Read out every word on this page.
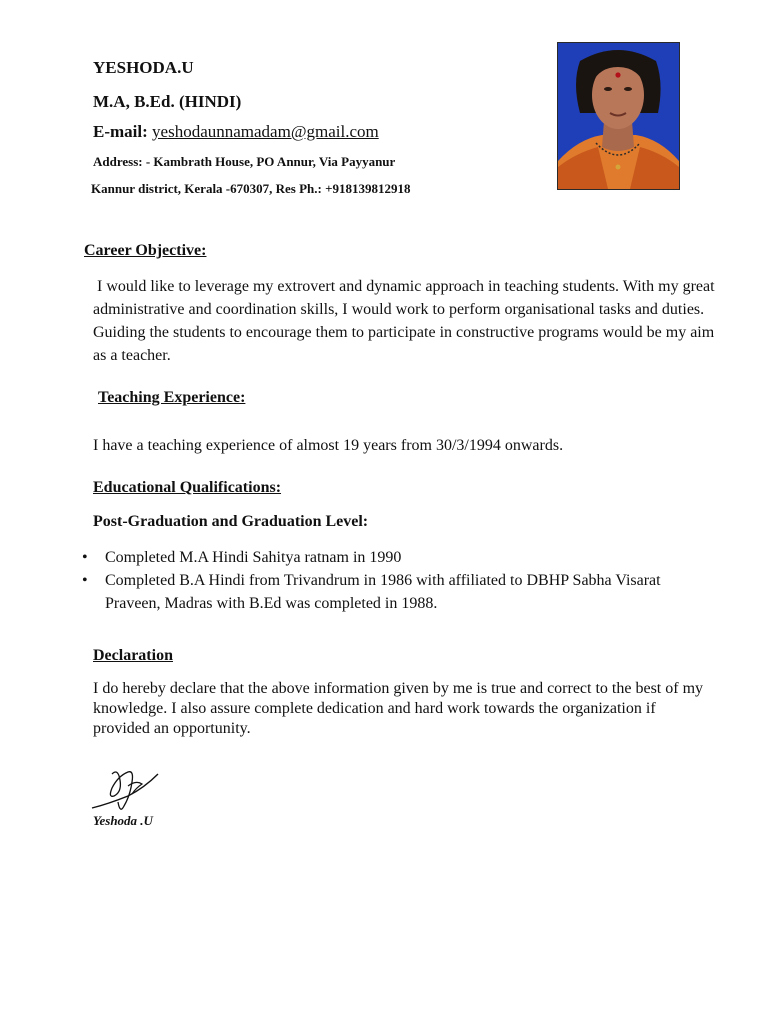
YESHODA.U
M.A, B.Ed. (HINDI)
E-mail: yeshodaunnamadam@gmail.com
Address: - Kambrath House, PO Annur, Via Payyanur
Kannur district, Kerala -670307, Res Ph.: +918139812918
Career Objective:
I would like to leverage my extrovert and dynamic approach in teaching students. With my great administrative and coordination skills, I would work to perform organisational tasks and duties. Guiding the students to encourage them to participate in constructive programs would be my aim as a teacher.
Teaching Experience:
I have a teaching experience of almost 19 years from 30/3/1994 onwards.
Educational Qualifications:
Post-Graduation and Graduation Level:
• Completed M.A Hindi Sahitya ratnam in 1990
• Completed B.A Hindi from Trivandrum in 1986 with affiliated to DBHP Sabha Visarat Praveen, Madras with B.Ed was completed in 1988.
Declaration
I do hereby declare that the above information given by me is true and correct to the best of my knowledge. I also assure complete dedication and hard work towards the organization if provided an opportunity.
Yeshoda .U
